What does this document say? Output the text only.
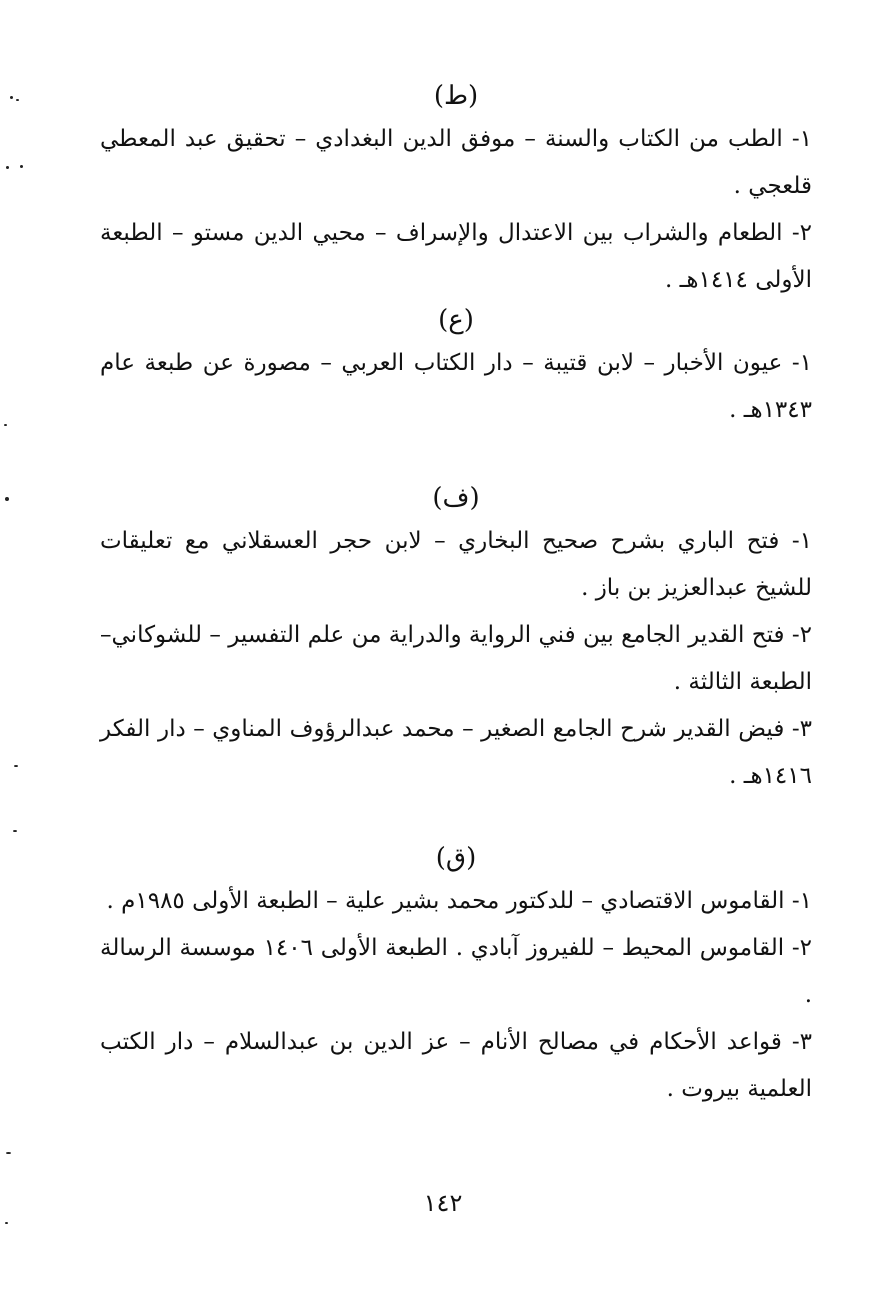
(ط)
١- الطب من الكتاب والسنة – موفق الدين البغدادي – تحقيق عبد المعطي قلعجي .
٢- الطعام والشراب بين الاعتدال والإسراف – محيي الدين مستو – الطبعة الأولى ١٤١٤هـ .
(ع)
١- عيون الأخبار – لابن قتيبة – دار الكتاب العربي – مصورة عن طبعة عام ١٣٤٣هـ .
(ف)
١- فتح الباري بشرح صحيح البخاري – لابن حجر العسقلاني مع تعليقات للشيخ عبدالعزيز بن باز .
٢- فتح القدير الجامع بين فني الرواية والدراية من علم التفسير – للشوكاني– الطبعة الثالثة .
٣- فيض القدير شرح الجامع الصغير – محمد عبدالرؤوف المناوي – دار الفكر ١٤١٦هـ .
(ق)
١- القاموس الاقتصادي – للدكتور محمد بشير علية – الطبعة الأولى ١٩٨٥م .
٢- القاموس المحيط – للفيروز آبادي . الطبعة الأولى ١٤٠٦ موسسة الرسالة .
٣- قواعد الأحكام في مصالح الأنام – عز الدين بن عبدالسلام – دار الكتب العلمية بيروت .
١٤٢
